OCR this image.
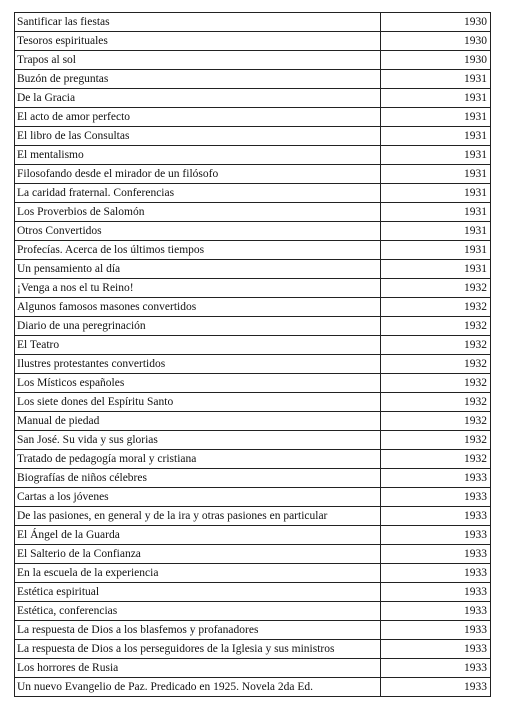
Santificar las fiestas	1930
Tesoros espirituales	1930
Trapos al sol	1930
Buzón de preguntas	1931
De la Gracia	1931
El acto de amor perfecto	1931
El libro de las Consultas	1931
El mentalismo	1931
Filosofando desde el mirador de un filósofo	1931
La caridad fraternal. Conferencias	1931
Los Proverbios de Salomón	1931
Otros Convertidos	1931
Profecías. Acerca de los últimos tiempos	1931
Un pensamiento al día	1931
¡Venga a nos el tu Reino!	1932
Algunos famosos masones convertidos	1932
Diario de una peregrinación	1932
El Teatro	1932
Ilustres protestantes convertidos	1932
Los Místicos españoles	1932
Los siete dones del Espíritu Santo	1932
Manual de piedad	1932
San José. Su vida y sus glorias	1932
Tratado de pedagogía moral y cristiana	1932
Biografías de niños célebres	1933
Cartas a los jóvenes	1933
De las pasiones, en general y de la ira y otras pasiones en particular	1933
El Ángel de la Guarda	1933
El Salterio de la Confianza	1933
En la escuela de la experiencia	1933
Estética espiritual	1933
Estética, conferencias	1933
La respuesta de Dios a los blasfemos y profanadores	1933
La respuesta de Dios a los perseguidores de la Iglesia y sus ministros	1933
Los horrores de Rusia	1933
Un nuevo Evangelio de Paz. Predicado en 1925. Novela 2da Ed.	1933
